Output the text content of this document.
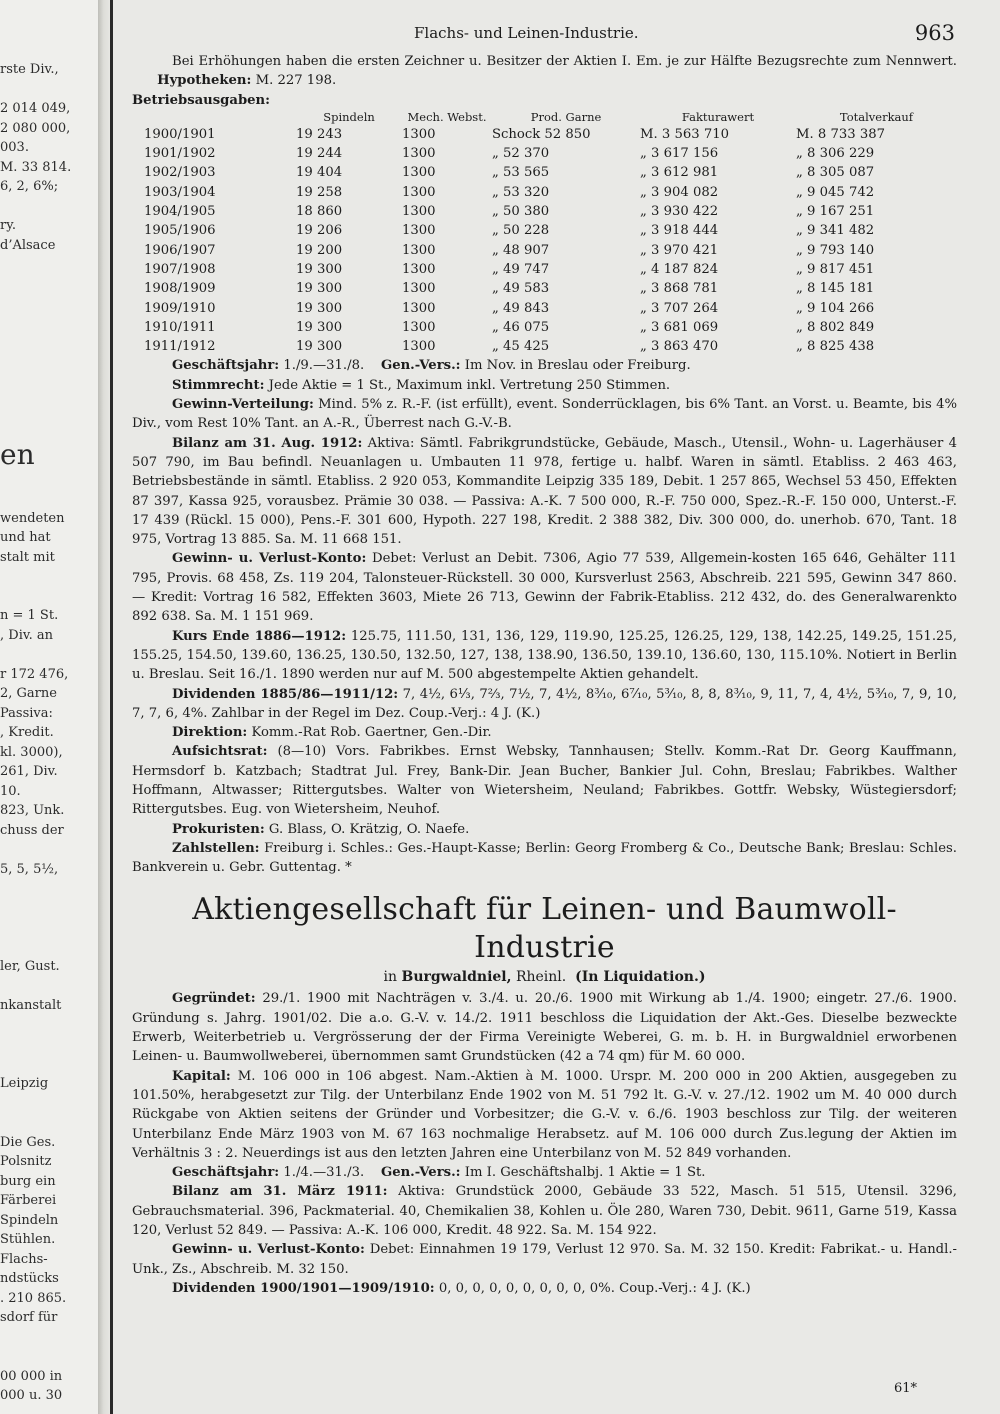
rste Div.,
2 014 049,
2 080 000,
003.
M. 33 814.
6, 2, 6%;
ry.
d’Alsace
en
wendeten
und hat
stalt mit
n = 1 St.
, Div. an
r 172 476,
2, Garne
Passiva:
, Kredit.
kl. 3000),
261, Div.
10.
823, Unk.
chuss der
5, 5, 5½,
ler, Gust.
nkanstalt
Leipzig
Die Ges.
Polsnitz
burg ein
Färberei
Spindeln
Stühlen.
Flachs-
ndstücks
. 210 865.
sdorf für
00 000 in
000 u. 30
Flachs- und Leinen-Industrie.	963

Bei Erhöhungen haben die ersten Zeichner u. Besitzer der Aktien I. Em. je zur Hälfte Bezugsrechte zum Nennwert.       Hypotheken: M. 227 198.

Betriebsausgaben:

	Spindeln	Mech. Webst.	Prod. Garne	Fakturawert	Totalverkauf
1900/1901	19 243	1300	Schock 52 850	M. 3 563 710	M. 8 733 387
1901/1902	19 244	1300	„ 52 370	„ 3 617 156	„ 8 306 229
1902/1903	19 404	1300	„ 53 565	„ 3 612 981	„ 8 305 087
1903/1904	19 258	1300	„ 53 320	„ 3 904 082	„ 9 045 742
1904/1905	18 860	1300	„ 50 380	„ 3 930 422	„ 9 167 251
1905/1906	19 206	1300	„ 50 228	„ 3 918 444	„ 9 341 482
1906/1907	19 200	1300	„ 48 907	„ 3 970 421	„ 9 793 140
1907/1908	19 300	1300	„ 49 747	„ 4 187 824	„ 9 817 451
1908/1909	19 300	1300	„ 49 583	„ 3 868 781	„ 8 145 181
1909/1910	19 300	1300	„ 49 843	„ 3 707 264	„ 9 104 266
1910/1911	19 300	1300	„ 46 075	„ 3 681 069	„ 8 802 849
1911/1912	19 300	1300	„ 45 425	„ 3 863 470	„ 8 825 438

Geschäftsjahr: 1./9.—31./8. Gen.-Vers.: Im Nov. in Breslau oder Freiburg.

Stimmrecht: Jede Aktie = 1 St., Maximum inkl. Vertretung 250 Stimmen.

Gewinn-Verteilung: Mind. 5% z. R.-F. (ist erfüllt), event. Sonderrücklagen, bis 6% Tant. an Vorst. u. Beamte, bis 4% Div., vom Rest 10% Tant. an A.-R., Überrest nach G.-V.-B.

Bilanz am 31. Aug. 1912: Aktiva: Sämtl. Fabrikgrundstücke, Gebäude, Masch., Utensil., Wohn- u. Lagerhäuser 4 507 790, im Bau befindl. Neuanlagen u. Umbauten 11 978, fertige u. halbf. Waren in sämtl. Etabliss. 2 463 463, Betriebsbestände in sämtl. Etabliss. 2 920 053, Kommandite Leipzig 335 189, Debit. 1 257 865, Wechsel 53 450, Effekten 87 397, Kassa 925, vorausbez. Prämie 30 038. — Passiva: A.-K. 7 500 000, R.-F. 750 000, Spez.-R.-F. 150 000, Unterst.-F. 17 439 (Rückl. 15 000), Pens.-F. 301 600, Hypoth. 227 198, Kredit. 2 388 382, Div. 300 000, do. unerhob. 670, Tant. 18 975, Vortrag 13 885. Sa. M. 11 668 151.

Gewinn- u. Verlust-Konto: Debet: Verlust an Debit. 7306, Agio 77 539, Allgemein-kosten 165 646, Gehälter 111 795, Provis. 68 458, Zs. 119 204, Talonsteuer-Rückstell. 30 000, Kursverlust 2563, Abschreib. 221 595, Gewinn 347 860. — Kredit: Vortrag 16 582, Effekten 3603, Miete 26 713, Gewinn der Fabrik-Etabliss. 212 432, do. des Generalwarenkto 892 638. Sa. M. 1 151 969.

Kurs Ende 1886—1912: 125.75, 111.50, 131, 136, 129, 119.90, 125.25, 126.25, 129, 138, 142.25, 149.25, 151.25, 155.25, 154.50, 139.60, 136.25, 130.50, 132.50, 127, 138, 138.90, 136.50, 139.10, 136.60, 130, 115.10%. Notiert in Berlin u. Breslau. Seit 16./1. 1890 werden nur auf M. 500 abgestempelte Aktien gehandelt.

Dividenden 1885/86—1911/12: 7, 4½, 6⅓, 7⅔, 7½, 7, 4½, 8³⁄₁₀, 6⁷⁄₁₀, 5³⁄₁₀, 8, 8, 8³⁄₁₀, 9, 11, 7, 4, 4½, 5³⁄₁₀, 7, 9, 10, 7, 7, 6, 4%. Zahlbar in der Regel im Dez. Coup.-Verj.: 4 J. (K.)

Direktion: Komm.-Rat Rob. Gaertner, Gen.-Dir.

Aufsichtsrat: (8—10) Vors. Fabrikbes. Ernst Websky, Tannhausen; Stellv. Komm.-Rat Dr. Georg Kauffmann, Hermsdorf b. Katzbach; Stadtrat Jul. Frey, Bank-Dir. Jean Bucher, Bankier Jul. Cohn, Breslau; Fabrikbes. Walther Hoffmann, Altwasser; Rittergutsbes. Walter von Wietersheim, Neuland; Fabrikbes. Gottfr. Websky, Wüstegiersdorf; Rittergutsbes. Eug. von Wietersheim, Neuhof.

Prokuristen: G. Blass, O. Krätzig, O. Naefe.

Zahlstellen: Freiburg i. Schles.: Ges.-Haupt-Kasse; Berlin: Georg Fromberg & Co., Deutsche Bank; Breslau: Schles. Bankverein u. Gebr. Guttentag. *

Aktiengesellschaft für Leinen- und Baumwoll-Industrie
in Burgwaldniel, Rheinl. (In Liquidation.)

Gegründet: 29./1. 1900 mit Nachträgen v. 3./4. u. 20./6. 1900 mit Wirkung ab 1./4. 1900; eingetr. 27./6. 1900. Gründung s. Jahrg. 1901/02. Die a.o. G.-V. v. 14./2. 1911 beschloss die Liquidation der Akt.-Ges. Dieselbe bezweckte Erwerb, Weiterbetrieb u. Vergrösserung der der Firma Vereinigte Weberei, G. m. b. H. in Burgwaldniel erworbenen Leinen- u. Baumwollweberei, übernommen samt Grundstücken (42 a 74 qm) für M. 60 000.

Kapital: M. 106 000 in 106 abgest. Nam.-Aktien à M. 1000. Urspr. M. 200 000 in 200 Aktien, ausgegeben zu 101.50%, herabgesetzt zur Tilg. der Unterbilanz Ende 1902 von M. 51 792 lt. G.-V. v. 27./12. 1902 um M. 40 000 durch Rückgabe von Aktien seitens der Gründer und Vorbesitzer; die G.-V. v. 6./6. 1903 beschloss zur Tilg. der weiteren Unterbilanz Ende März 1903 von M. 67 163 nochmalige Herabsetz. auf M. 106 000 durch Zus.legung der Aktien im Verhältnis 3 : 2. Neuerdings ist aus den letzten Jahren eine Unterbilanz von M. 52 849 vorhanden.

Geschäftsjahr: 1./4.—31./3. Gen.-Vers.: Im I. Geschäftshalbj. 1 Aktie = 1 St.

Bilanz am 31. März 1911: Aktiva: Grundstück 2000, Gebäude 33 522, Masch. 51 515, Utensil. 3296, Gebrauchsmaterial. 396, Packmaterial. 40, Chemikalien 38, Kohlen u. Öle 280, Waren 730, Debit. 9611, Garne 519, Kassa 120, Verlust 52 849. — Passiva: A.-K. 106 000, Kredit. 48 922. Sa. M. 154 922.

Gewinn- u. Verlust-Konto: Debet: Einnahmen 19 179, Verlust 12 970. Sa. M. 32 150. Kredit: Fabrikat.- u. Handl.-Unk., Zs., Abschreib. M. 32 150.

Dividenden 1900/1901—1909/1910: 0, 0, 0, 0, 0, 0, 0, 0, 0, 0%. Coup.-Verj.: 4 J. (K.)

61*
